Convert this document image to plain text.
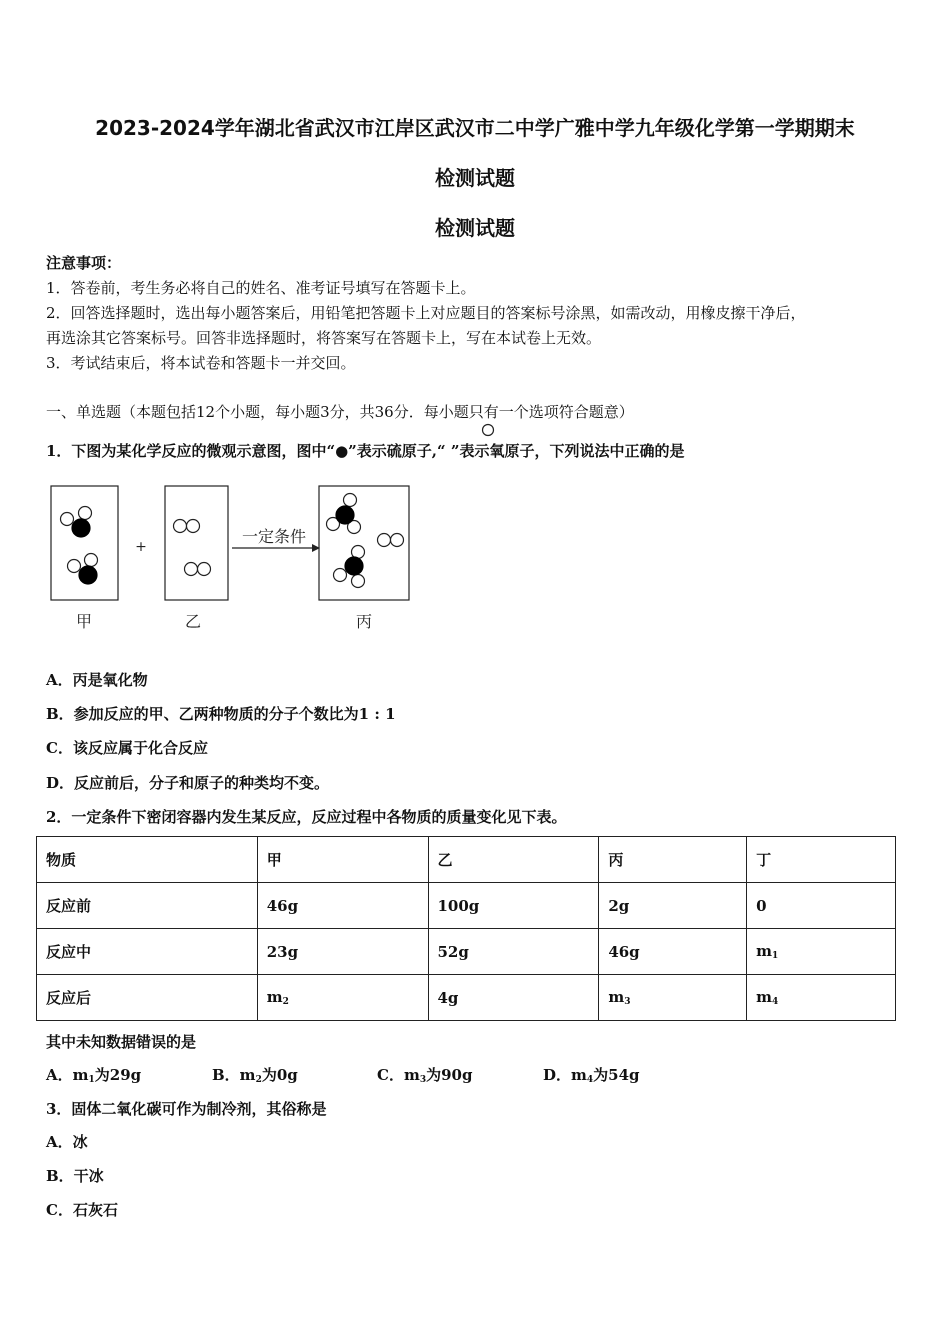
2023-2024学年湖北省武汉市江岸区武汉市二中学广雅中学九年级化学第一学期期末
检测试题
检测试题
注意事项：
1．答卷前，考生务必将自己的姓名、准考证号填写在答题卡上。
2．回答选择题时，选出每小题答案后，用铅笔把答题卡上对应题目的答案标号涂黑，如需改动，用橡皮擦干净后，
再选涂其它答案标号。回答非选择题时，将答案写在答题卡上，写在本试卷上无效。
3．考试结束后，将本试卷和答题卡一并交回。
一、单选题（本题包括12个小题，每小题3分，共36分．每小题只有一个选项符合题意）
1．下图为某化学反应的微观示意图，图中“●”表示硫原子,“ ”表示氧原子，下列说法中正确的是
甲
+
乙
一定条件
丙
A．丙是氧化物
B．参加反应的甲、乙两种物质的分子个数比为1 : 1
C．该反应属于化合反应
D．反应前后，分子和原子的种类均不变。
2．一定条件下密闭容器内发生某反应，反应过程中各物质的质量变化见下表。
物质	甲	乙	丙	丁
反应前	46g	100g	2g	0
反应中	23g	52g	46g	$m_1$
反应后	$m_2$	4g	$m_3$	$m_4$
其中未知数据错误的是
A．$m_1$为29g	B．$m_2$为0g	C．$m_3$为90g	D．$m_4$为54g
3．固体二氧化碳可作为制冷剂，其俗称是
A．冰
B．干冰
C．石灰石
